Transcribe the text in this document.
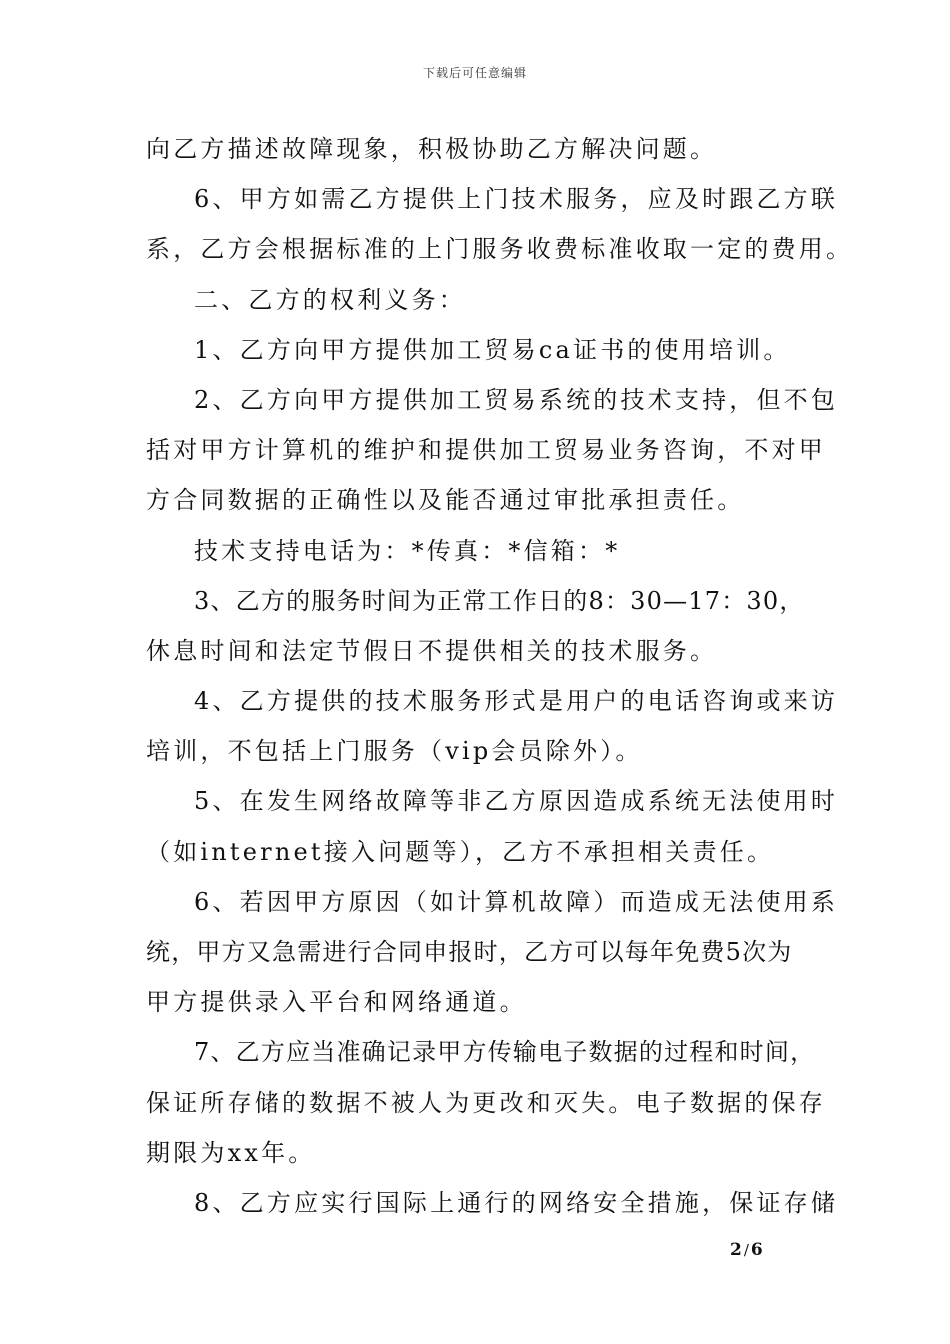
下载后可任意编辑
向乙方描述故障现象，积极协助乙方解决问题。
6、甲方如需乙方提供上门技术服务，应及时跟乙方联
系，乙方会根据标准的上门服务收费标准收取一定的费用。
二、乙方的权利义务：
1、乙方向甲方提供加工贸易ca证书的使用培训。
2、乙方向甲方提供加工贸易系统的技术支持，但不包
括对甲方计算机的维护和提供加工贸易业务咨询，不对甲
方合同数据的正确性以及能否通过审批承担责任。
技术支持电话为：*传真：*信箱：*
3、乙方的服务时间为正常工作日的8：30—17：30，
休息时间和法定节假日不提供相关的技术服务。
4、乙方提供的技术服务形式是用户的电话咨询或来访
培训，不包括上门服务（vip会员除外）。
5、在发生网络故障等非乙方原因造成系统无法使用时
（如internet接入问题等），乙方不承担相关责任。
6、若因甲方原因（如计算机故障）而造成无法使用系
统，甲方又急需进行合同申报时，乙方可以每年免费5次为
甲方提供录入平台和网络通道。
7、乙方应当准确记录甲方传输电子数据的过程和时间，
保证所存储的数据不被人为更改和灭失。电子数据的保存
期限为xx年。
8、乙方应实行国际上通行的网络安全措施，保证存储
2 / 6
